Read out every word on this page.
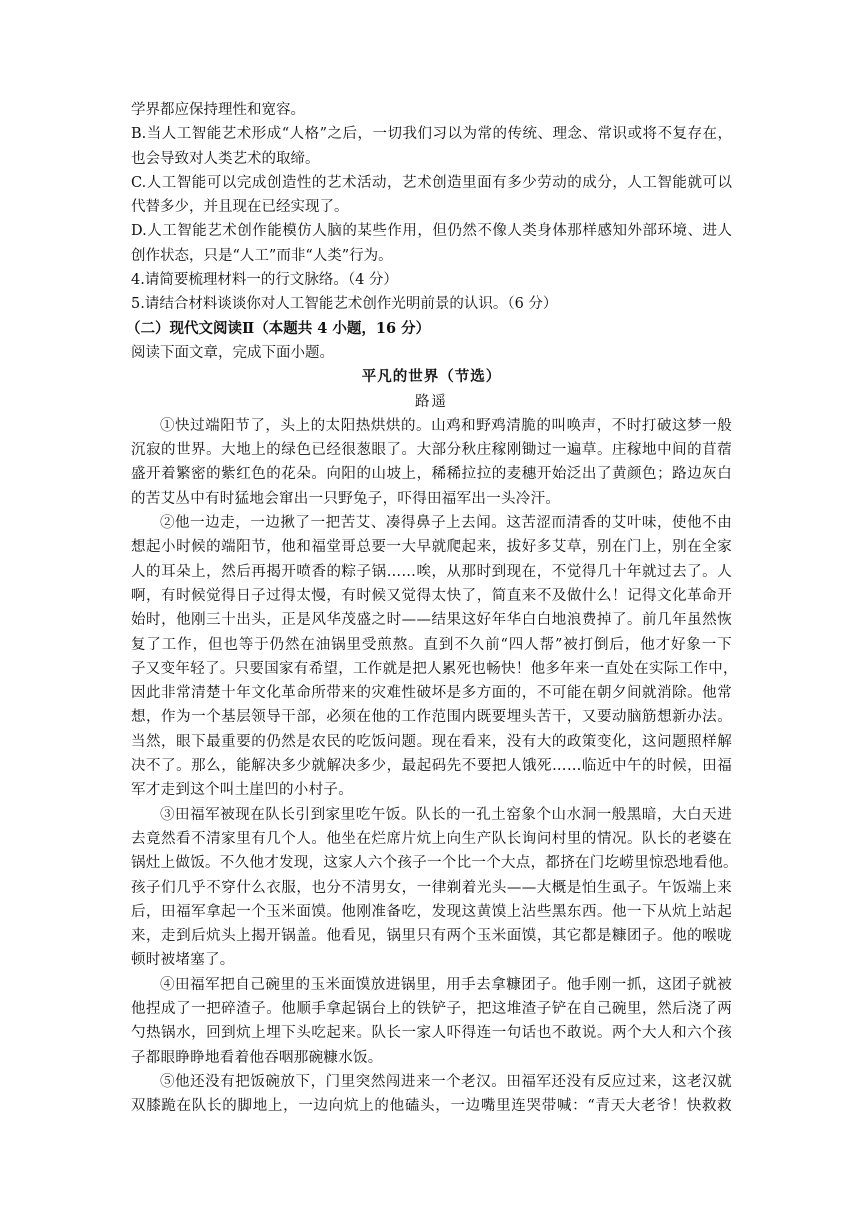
学界都应保持理性和宽容。
B.当人工智能艺术形成“人格”之后，一切我们习以为常的传统、理念、常识或将不复存在，
也会导致对人类艺术的取缔。
C.人工智能可以完成创造性的艺术活动，艺术创造里面有多少劳动的成分，人工智能就可以
代替多少，并且现在已经实现了。
D.人工智能艺术创作能模仿人脑的某些作用，但仍然不像人类身体那样感知外部环境、进人
创作状态，只是“人工”而非“人类”行为。
4.请简要梳理材料一的行文脉络。（4 分）
5.请结合材料谈谈你对人工智能艺术创作光明前景的认识。（6 分）
（二）现代文阅读Ⅱ（本题共 4 小题，16 分）
阅读下面文章，完成下面小题。
平凡的世界（节选）
路遥
①快过端阳节了，头上的太阳热烘烘的。山鸡和野鸡清脆的叫唤声，不时打破这梦一般
沉寂的世界。大地上的绿色已经很葱眼了。大部分秋庄稼刚锄过一遍草。庄稼地中间的苜蓿
盛开着繁密的紫红色的花朵。向阳的山坡上，稀稀拉拉的麦穗开始泛出了黄颜色；路边灰白
的苦艾丛中有时猛地会窜出一只野兔子，吓得田福军出一头冷汗。
②他一边走，一边揪了一把苦艾、凑得鼻子上去闻。这苦涩而清香的艾叶味，使他不由
想起小时候的端阳节，他和福堂哥总要一大早就爬起来，拔好多艾草，别在门上，别在全家
人的耳朵上，然后再揭开喷香的粽子锅……唉，从那时到现在，不觉得几十年就过去了。人
啊，有时候觉得日子过得太慢，有时候又觉得太快了，简直来不及做什么！记得文化革命开
始时，他刚三十出头，正是风华茂盛之时——结果这好年华白白地浪费掉了。前几年虽然恢
复了工作，但也等于仍然在油锅里受煎熬。直到不久前“四人帮”被打倒后，他才好象一下
子又变年轻了。只要国家有希望，工作就是把人累死也畅快！他多年来一直处在实际工作中，
因此非常清楚十年文化革命所带来的灾难性破坏是多方面的，不可能在朝夕间就消除。他常
想，作为一个基层领导干部，必须在他的工作范围内既要埋头苦干，又要动脑筋想新办法。
当然，眼下最重要的仍然是农民的吃饭问题。现在看来，没有大的政策变化，这问题照样解
决不了。那么，能解决多少就解决多少，最起码先不要把人饿死……临近中午的时候，田福
军才走到这个叫土崖凹的小村子。
③田福军被现在队长引到家里吃午饭。队长的一孔土窑象个山水洞一般黑暗，大白天进
去竟然看不清家里有几个人。他坐在烂席片炕上向生产队长询问村里的情况。队长的老婆在
锅灶上做饭。不久他才发现，这家人六个孩子一个比一个大点，都挤在门圪崂里惊恐地看他。
孩子们几乎不穿什么衣服，也分不清男女，一律剃着光头——大概是怕生虱子。午饭端上来
后，田福军拿起一个玉米面馍。他刚准备吃，发现这黄馍上沾些黑东西。他一下从炕上站起
来，走到后炕头上揭开锅盖。他看见，锅里只有两个玉米面馍，其它都是糠团子。他的喉咙
顿时被堵塞了。
④田福军把自己碗里的玉米面馍放进锅里，用手去拿糠团子。他手刚一抓，这团子就被
他捏成了一把碎渣子。他顺手拿起锅台上的铁铲子，把这堆渣子铲在自己碗里，然后浇了两
勺热锅水，回到炕上埋下头吃起来。队长一家人吓得连一句话也不敢说。两个大人和六个孩
子都眼睁睁地看着他吞咽那碗糠水饭。
⑤他还没有把饭碗放下，门里突然闯进来一个老汉。田福军还没有反应过来，这老汉就
双膝跪在队长的脚地上，一边向炕上的他磕头，一边嘴里连哭带喊：“青天大老爷！快救救
